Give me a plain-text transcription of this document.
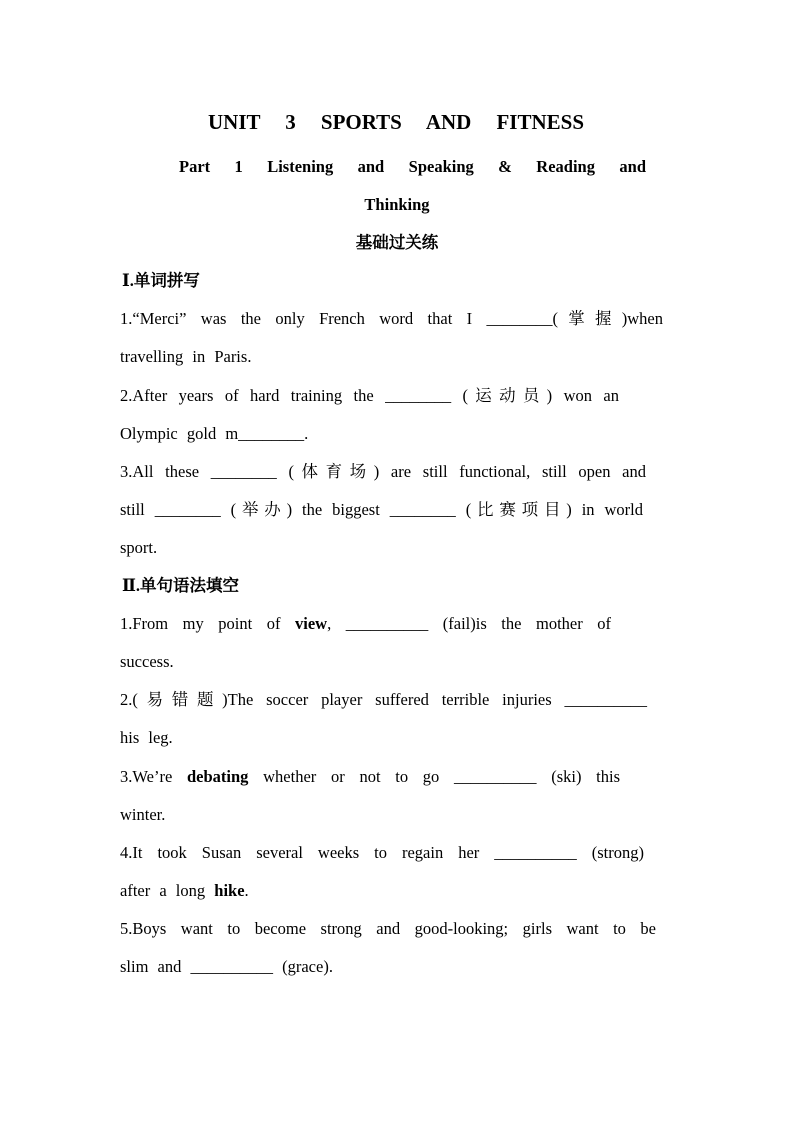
UNIT 3 SPORTS AND FITNESS
Part 1 Listening and Speaking & Reading and
Thinking
基础过关练
Ⅰ.单词拼写
1.“Merci” was the only French word that I ________(掌握)when
travelling in Paris.
2.After years of hard training the ________ (运动员) won an
Olympic gold m________.
3.All these ________ (体育场) are still functional, still open and
still ________ (举办) the biggest ________ (比赛项目) in world
sport.
Ⅱ.单句语法填空
1.From my point of view, __________ (fail)is the mother of
success.
2.(易错题)The soccer player suffered terrible injuries __________
his leg.
3.We’re debating whether or not to go __________ (ski) this
winter.
4.It took Susan several weeks to regain her __________ (strong)
after a long hike.
5.Boys want to become strong and good-looking; girls want to be
slim and __________ (grace).
